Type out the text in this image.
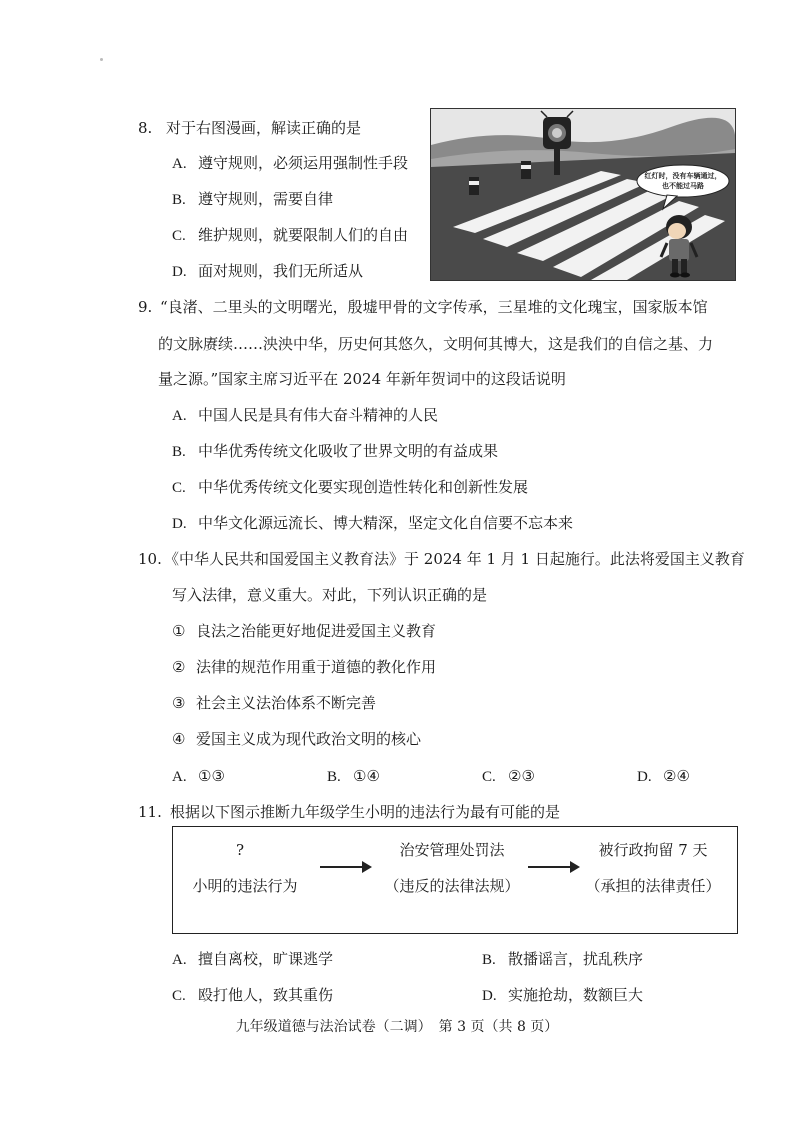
8. 对于右图漫画，解读正确的是
A. 遵守规则，必须运用强制性手段
B. 遵守规则，需要自律
C. 维护规则，就要限制人们的自由
D. 面对规则，我们无所适从
红灯时，没有车辆通过，
也不能过马路
9. “良渚、二里头的文明曙光，殷墟甲骨的文字传承，三星堆的文化瑰宝，国家版本馆
的文脉赓续……泱泱中华，历史何其悠久，文明何其博大，这是我们的自信之基、力
量之源。”国家主席习近平在 2024 年新年贺词中的这段话说明
A. 中国人民是具有伟大奋斗精神的人民
B. 中华优秀传统文化吸收了世界文明的有益成果
C. 中华优秀传统文化要实现创造性转化和创新性发展
D. 中华文化源远流长、博大精深，坚定文化自信要不忘本来
10. 《中华人民共和国爱国主义教育法》于 2024 年 1 月 1 日起施行。此法将爱国主义教育
写入法律，意义重大。对此，下列认识正确的是
① 良法之治能更好地促进爱国主义教育
② 法律的规范作用重于道德的教化作用
③ 社会主义法治体系不断完善
④ 爱国主义成为现代政治文明的核心
A. ①③	B. ①④	C. ②③	D. ②④
11. 根据以下图示推断九年级学生小明的违法行为最有可能的是
?
小明的违法行为
治安管理处罚法
（违反的法律法规）
被行政拘留 7 天
（承担的法律责任）
A. 擅自离校，旷课逃学	B. 散播谣言，扰乱秩序
C. 殴打他人，致其重伤	D. 实施抢劫，数额巨大
九年级道德与法治试卷（二调）　第 3 页（共 8 页）
